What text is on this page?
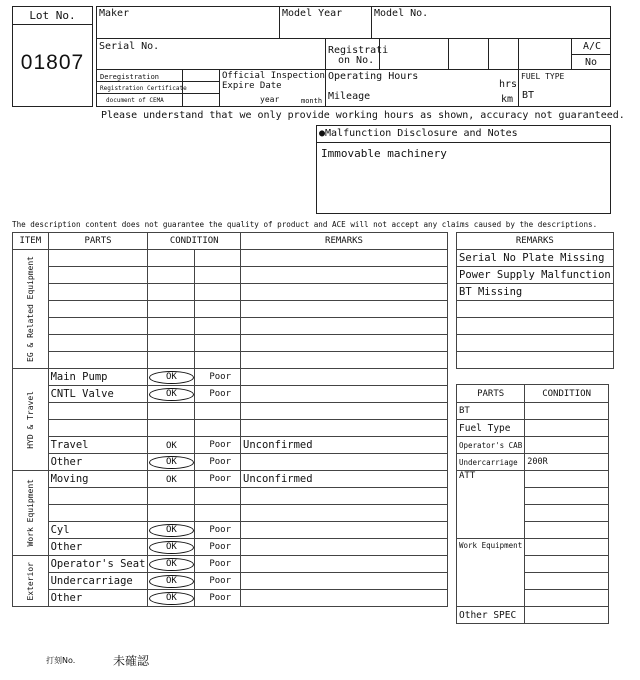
Lot No.
01807
Maker	Model Year	Model No.
Serial No.	Registrati
on No.
A/C
No
Deregistration
Registration Certificate
document of CEMA
Official Inspection
Expire Date
year	month
Operating Hours
hrs
Mileage	km
FUEL TYPE
BT
Please understand that we only provide working hours as shown, accuracy not guaranteed.
●Malfunction Disclosure and Notes
Immovable machinery
The description content does not guarantee the quality of product and ACE will not accept any claims caused by the descriptions.
ITEM	PARTS	CONDITION		REMARKS

EG & Related Equipment				

HYD & Travel	Main Pump	OK	Poor	
	CNTL Valve	OK	Poor	

	Travel	OK	Poor	Unconfirmed
	Other	OK	Poor	

Work Equipment	Moving	OK	Poor	Unconfirmed

	Cyl	OK	Poor	
	Other	OK	Poor	

Exterior	Operator's Seat	OK	Poor	
	Undercarriage	OK	Poor	
	Other	OK	Poor	
REMARKS
Serial No Plate Missing
Power Supply Malfunction
BT Missing

PARTS	CONDITION
BT	
Fuel Type	
Operator's CAB	
Undercarriage	200R
ATT	

Work Equipment	

Other SPEC	
打刻No.	未確認
